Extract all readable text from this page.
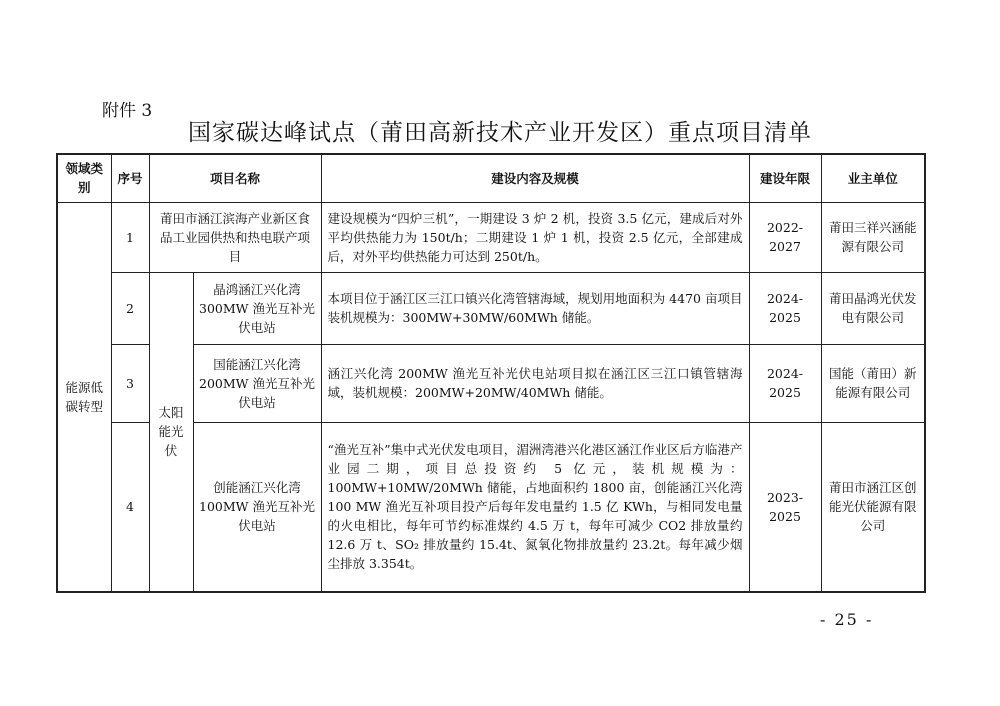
附件 3
国家碳达峰试点（莆田高新技术产业开发区）重点项目清单
领域类别	序号	项目名称		建设内容及规模	建设年限	业主单位
能源低碳转型	1	莆田市涵江滨海产业新区食品工业园供热和热电联产项目		建设规模为“四炉三机”，一期建设 3 炉 2 机，投资 3.5 亿元，建成后对外平均供热能力为 150t/h；二期建设 1 炉 1 机，投资 2.5 亿元，全部建成后，对外平均供热能力可达到 250t/h。	2022-2027	莆田三祥兴涵能源有限公司
	2	太阳能光伏	晶鸿涵江兴化湾 300MW 渔光互补光伏电站	本项目位于涵江区三江口镇兴化湾管辖海域，规划用地面积为 4470 亩项目装机规模为：300MW+30MW/60MWh 储能。	2024-2025	莆田晶鸿光伏发电有限公司
	3		国能涵江兴化湾 200MW 渔光互补光伏电站	涵江兴化湾 200MW 渔光互补光伏电站项目拟在涵江区三江口镇管辖海域，装机规模：200MW+20MW/40MWh 储能。	2024-2025	国能（莆田）新能源有限公司
	4		创能涵江兴化湾 100MW 渔光互补光伏电站	“渔光互补”集中式光伏发电项目，湄洲湾港兴化港区涵江作业区后方临港产业园二期，项目总投资约 5 亿元，装机规模为：100MW+10MW/20MWh 储能，占地面积约 1800 亩，创能涵江兴化湾 100 MW 渔光互补项目投产后每年发电量约 1.5 亿 KWh，与相同发电量的火电相比，每年可节约标准煤约 4.5 万 t，每年可减少 CO2 排放量约 12.6 万 t、SO₂ 排放量约 15.4t、氮氧化物排放量约 23.2t。每年减少烟尘排放 3.354t。	2023-2025	莆田市涵江区创能光伏能源有限公司
- 25 -
